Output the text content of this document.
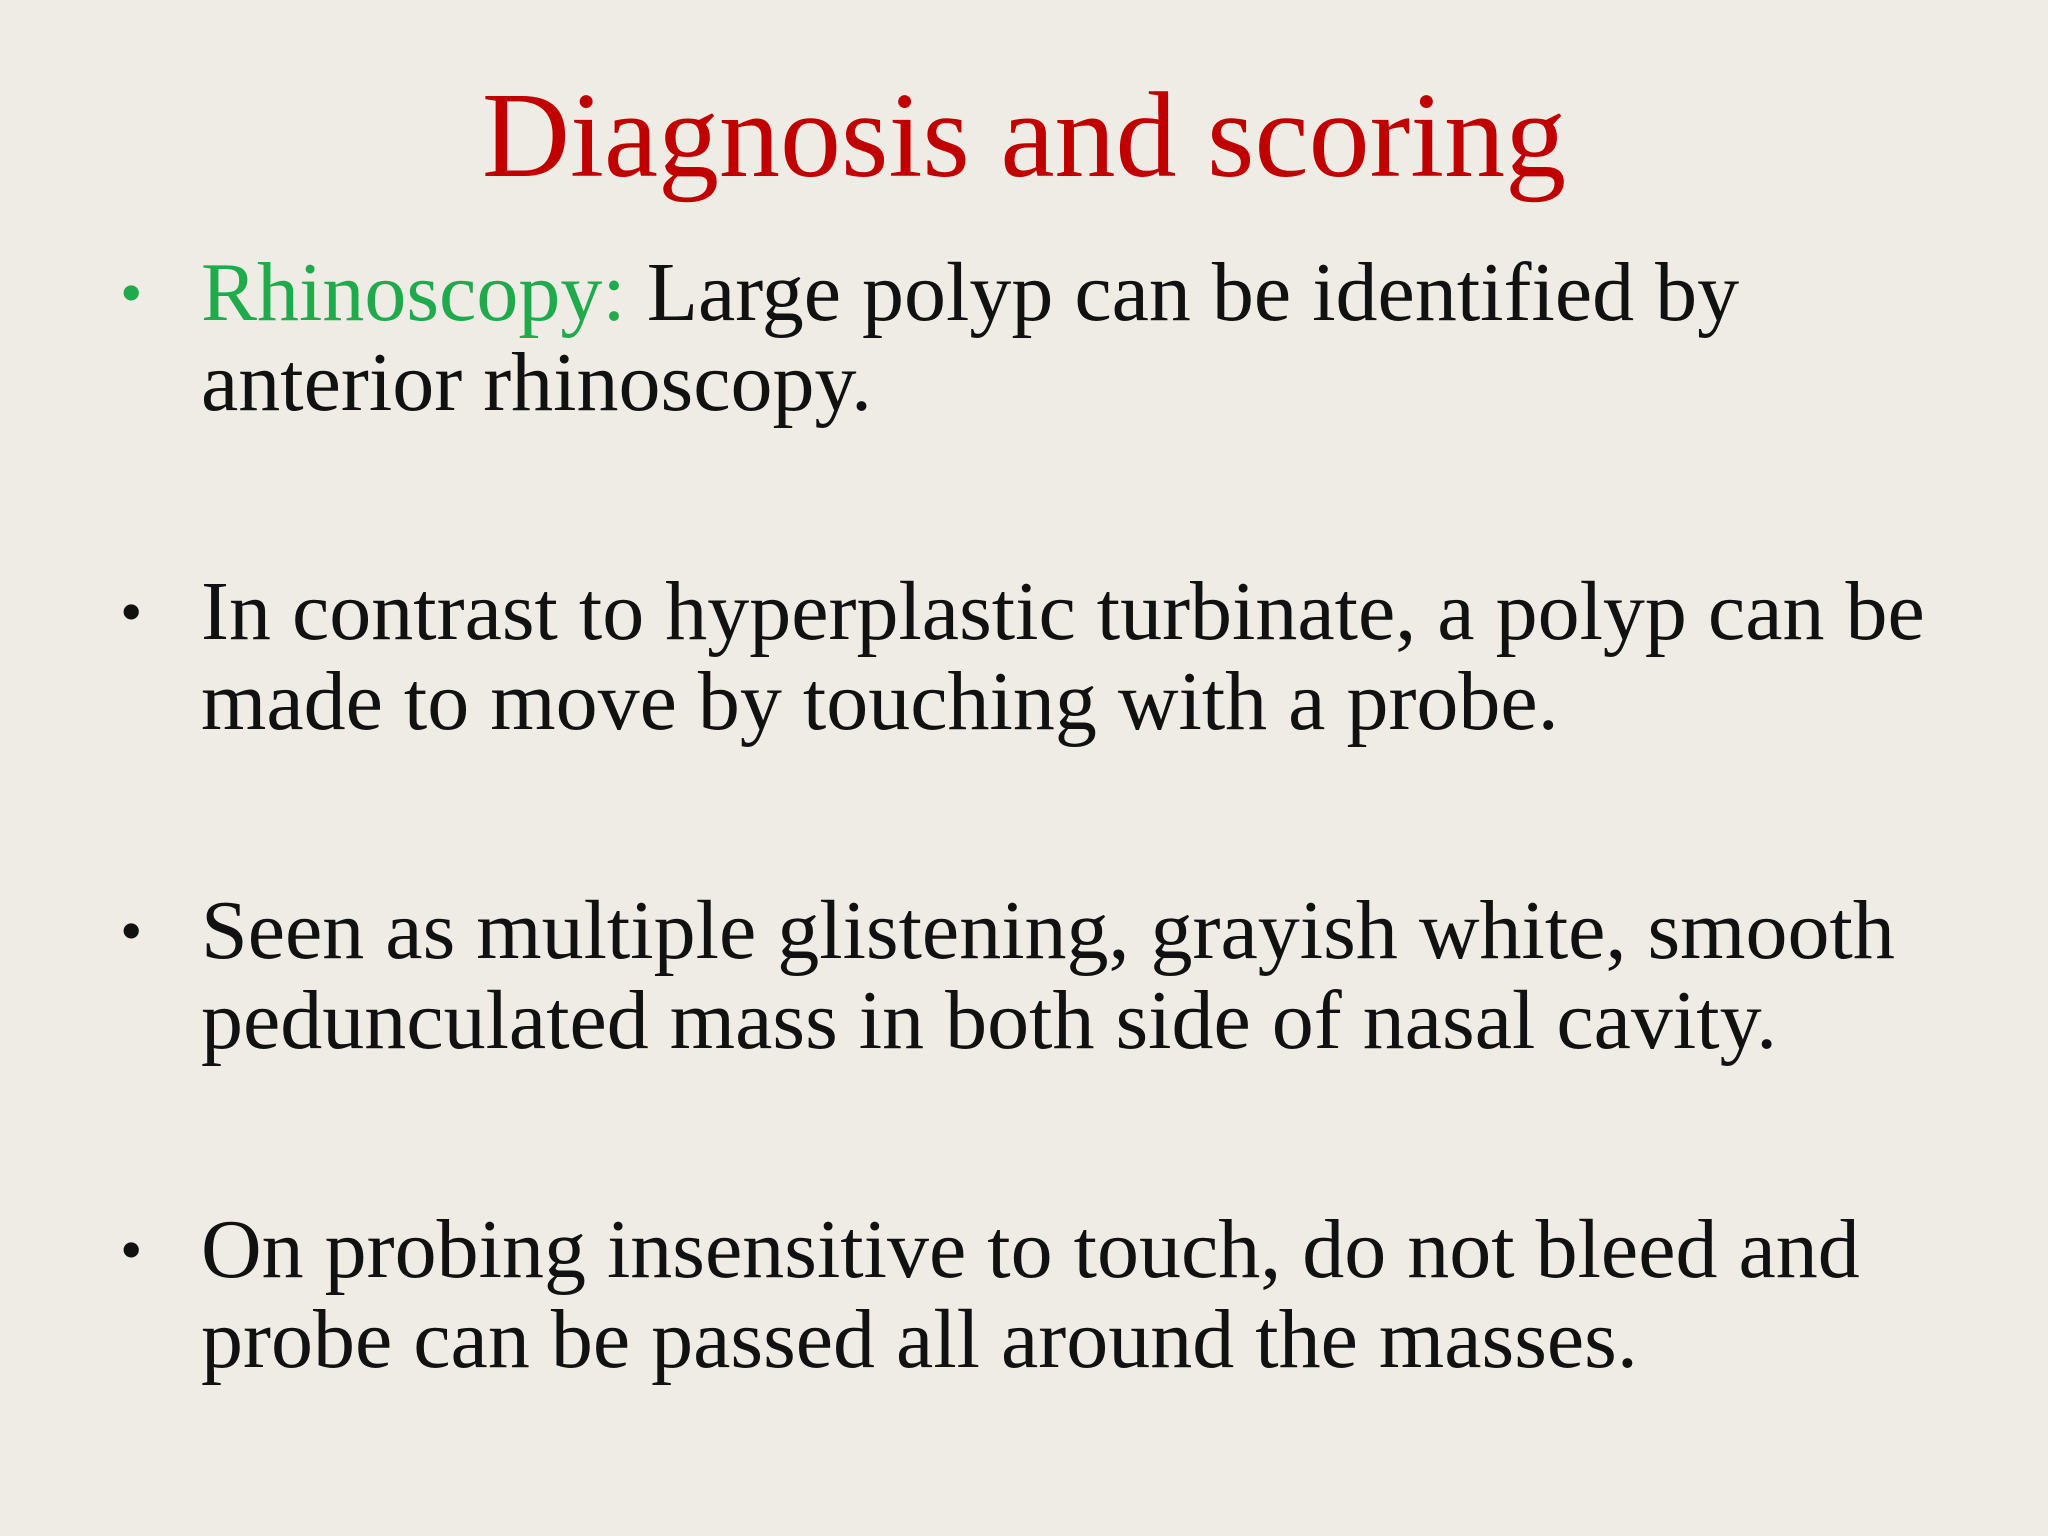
Diagnosis and scoring
• Rhinoscopy: Large polyp can be identified by anterior rhinoscopy.
• In contrast to hyperplastic turbinate, a polyp can be made to move by touching with a probe.
• Seen as multiple glistening, grayish white, smooth pedunculated mass in both side of nasal cavity.
• On probing insensitive to touch, do not bleed and probe can be passed all around the masses.
